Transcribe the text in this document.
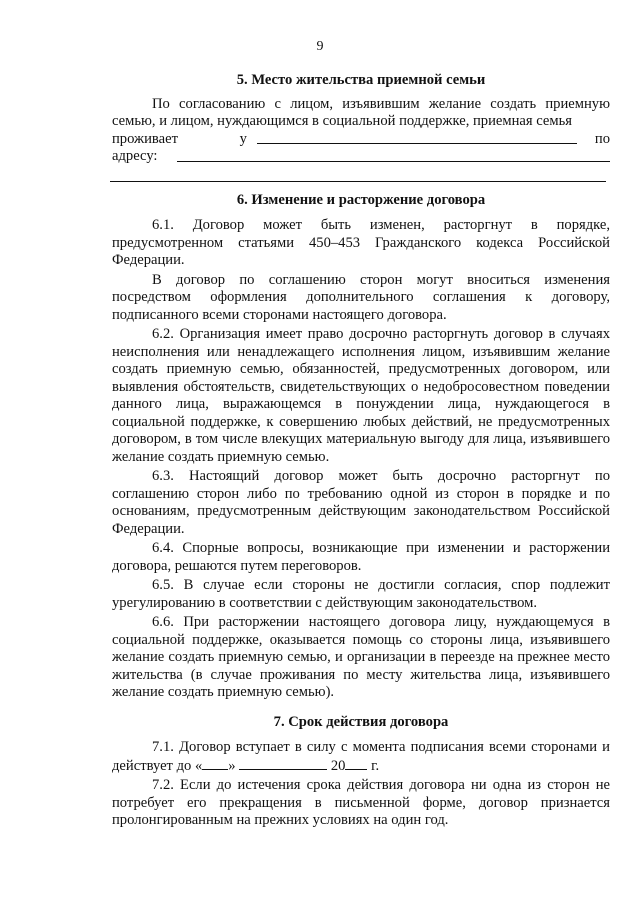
9

5. Место жительства приемной семьи

По согласованию с лицом, изъявившим желание создать приемную семью, и лицом, нуждающимся в социальной поддержке, приемная семья

проживает у	по
адресу:

6. Изменение и расторжение договора

6.1. Договор может быть изменен, расторгнут в порядке, предусмотренном статьями 450–453 Гражданского кодекса Российской Федерации.

В договор по соглашению сторон могут вноситься изменения посредством оформления дополнительного соглашения к договору, подписанного всеми сторонами настоящего договора.

6.2. Организация имеет право досрочно расторгнуть договор в случаях неисполнения или ненадлежащего исполнения лицом, изъявившим желание создать приемную семью, обязанностей, предусмотренных договором, или выявления обстоятельств, свидетельствующих о недобросовестном поведении данного лица, выражающемся в понуждении лица, нуждающегося в социальной поддержке, к совершению любых действий, не предусмотренных договором, в том числе влекущих материальную выгоду для лица, изъявившего желание создать приемную семью.

6.3. Настоящий договор может быть досрочно расторгнут по соглашению сторон либо по требованию одной из сторон в порядке и по основаниям, предусмотренным действующим законодательством Российской Федерации.

6.4. Спорные вопросы, возникающие при изменении и расторжении договора, решаются путем переговоров.

6.5. В случае если стороны не достигли согласия, спор подлежит урегулированию в соответствии с действующим законодательством.

6.6. При расторжении настоящего договора лицу, нуждающемуся в социальной поддержке, оказывается помощь со стороны лица, изъявившего желание создать приемную семью, и организации в переезде на прежнее место жительства (в случае проживания по месту жительства лица, изъявившего желание создать приемную семью).

7. Срок действия договора

7.1. Договор вступает в силу с момента подписания всеми сторонами и действует до « »	20 г.

7.2. Если до истечения срока действия договора ни одна из сторон не потребует его прекращения в письменной форме, договор признается пролонгированным на прежних условиях на один год.
